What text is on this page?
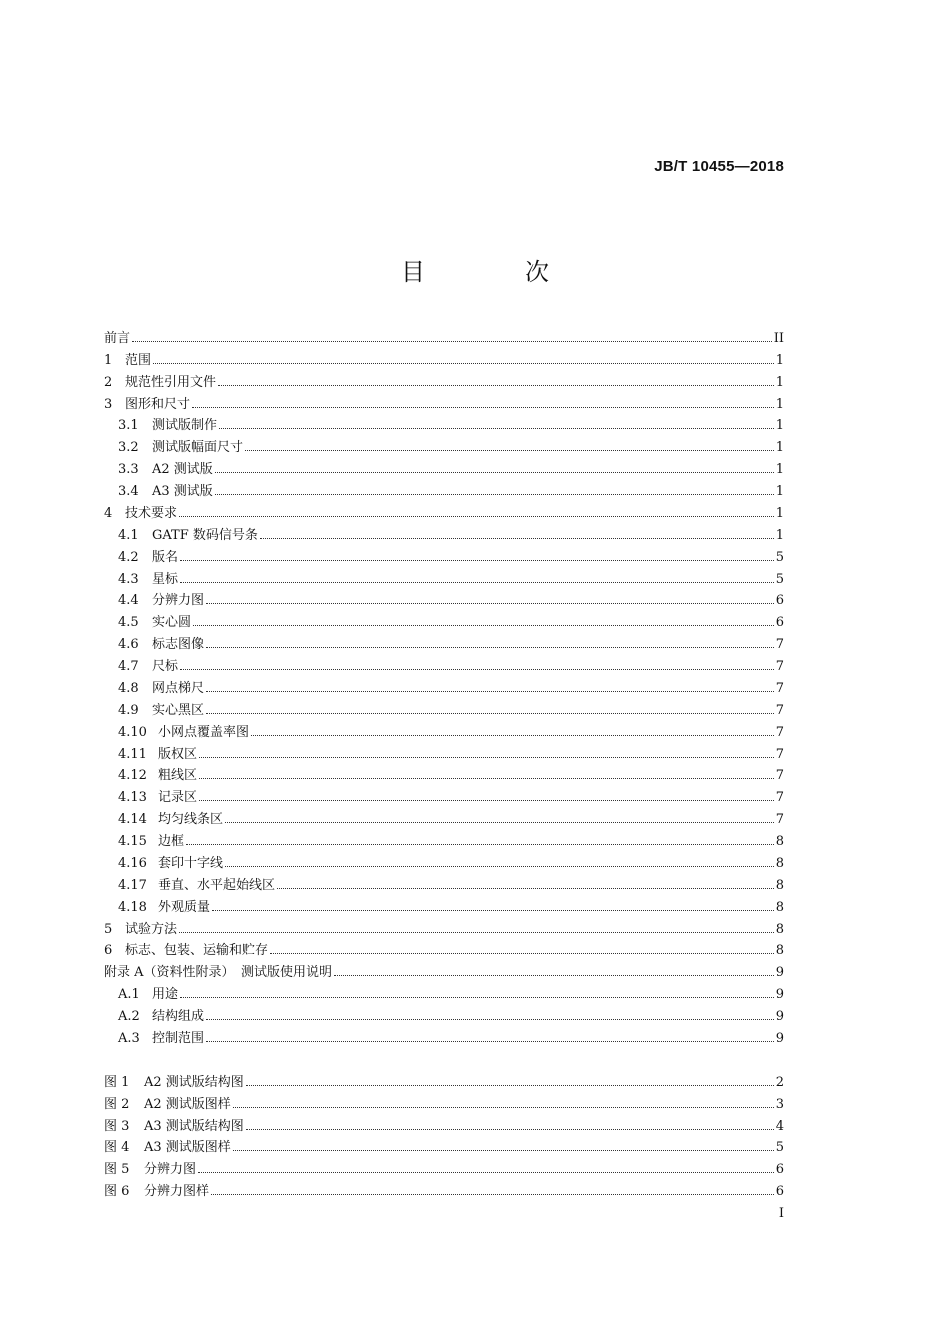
JB/T 10455—2018
目　次
前言	II
1 范围	1
2 规范性引用文件	1
3 图形和尺寸	1
3.1	测试版制作	1
3.2	测试版幅面尺寸	1
3.3	A2 测试版	1
3.4	A3 测试版	1
4 技术要求	1
4.1	GATF 数码信号条	1
4.2	版名	5
4.3	星标	5
4.4	分辨力图	6
4.5	实心圆	6
4.6	标志图像	7
4.7	尺标	7
4.8	网点梯尺	7
4.9	实心黑区	7
4.10 小网点覆盖率图	7
4.11 版权区	7
4.12 粗线区	7
4.13 记录区	7
4.14 均匀线条区	7
4.15 边框	8
4.16 套印十字线	8
4.17 垂直、水平起始线区	8
4.18 外观质量	8
5 试验方法	8
6 标志、包装、运输和贮存	8
附录 A（资料性附录）　测试版使用说明	9
A.1 用途	9
A.2 结构组成	9
A.3 控制范围	9
图 1	A2 测试版结构图	2
图 2	A2 测试版图样	3
图 3	A3 测试版结构图	4
图 4	A3 测试版图样	5
图 5	分辨力图	6
图 6	分辨力图样	6
I
